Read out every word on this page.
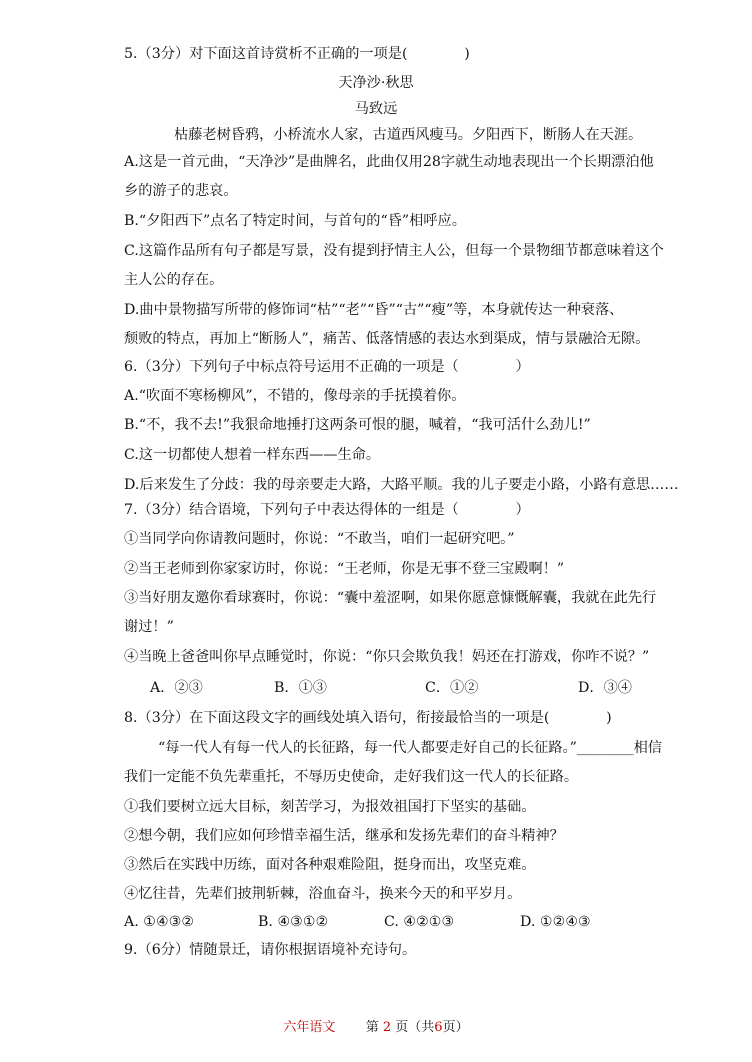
5.（3分）对下面这首诗赏析不正确的一项是(　　　　)
天净沙·秋思
马致远
枯藤老树昏鸦，小桥流水人家，古道西风瘦马。夕阳西下，断肠人在天涯。
A.这是一首元曲，“天净沙”是曲牌名，此曲仅用28字就生动地表现出一个长期漂泊他
乡的游子的悲哀。
B.“夕阳西下”点名了特定时间，与首句的“昏”相呼应。
C.这篇作品所有句子都是写景，没有提到抒情主人公，但每一个景物细节都意味着这个
主人公的存在。
D.曲中景物描写所带的修饰词“枯”“老”“昏”“古”“瘦”等，本身就传达一种衰落、
颓败的特点，再加上“断肠人”，痛苦、低落情感的表达水到渠成，情与景融洽无隙。
6.（3分）下列句子中标点符号运用不正确的一项是（　　　　）
A.“吹面不寒杨柳风”，不错的，像母亲的手抚摸着你。
B.“不，我不去!”我狠命地捶打这两条可恨的腿，喊着，“我可活什么劲儿!”
C.这一切都使人想着一样东西——生命。
D.后来发生了分歧：我的母亲要走大路，大路平顺。我的儿子要走小路，小路有意思……
7.（3分）结合语境，下列句子中表达得体的一组是（　　　　）
①当同学向你请教问题时，你说：“不敢当，咱们一起研究吧。”
②当王老师到你家家访时，你说：“王老师，你是无事不登三宝殿啊！”
③当好朋友邀你看球赛时，你说：“囊中羞涩啊，如果你愿意慷慨解囊，我就在此先行
谢过！”
④当晚上爸爸叫你早点睡觉时，你说：“你只会欺负我！妈还在打游戏，你咋不说？”
A．②③	B．①③	C．①②	D．③④
8.（3分）在下面这段文字的画线处填入语句，衔接最恰当的一项是(　　　　)
“每一代人有每一代人的长征路，每一代人都要走好自己的长征路。”________相信
我们一定能不负先辈重托，不辱历史使命，走好我们这一代人的长征路。
①我们要树立远大目标，刻苦学习，为报效祖国打下坚实的基础。
②想今朝，我们应如何珍惜幸福生活，继承和发扬先辈们的奋斗精神？
③然后在实践中历练，面对各种艰难险阻，挺身而出，攻坚克难。
④忆往昔，先辈们披荆斩棘，浴血奋斗，换来今天的和平岁月。
A. ①④③②	B. ④③①②	C. ④②①③	D. ①②④③
9.（6分）情随景迁，请你根据语境补充诗句。
六年语文 第 2 页（共6页）
